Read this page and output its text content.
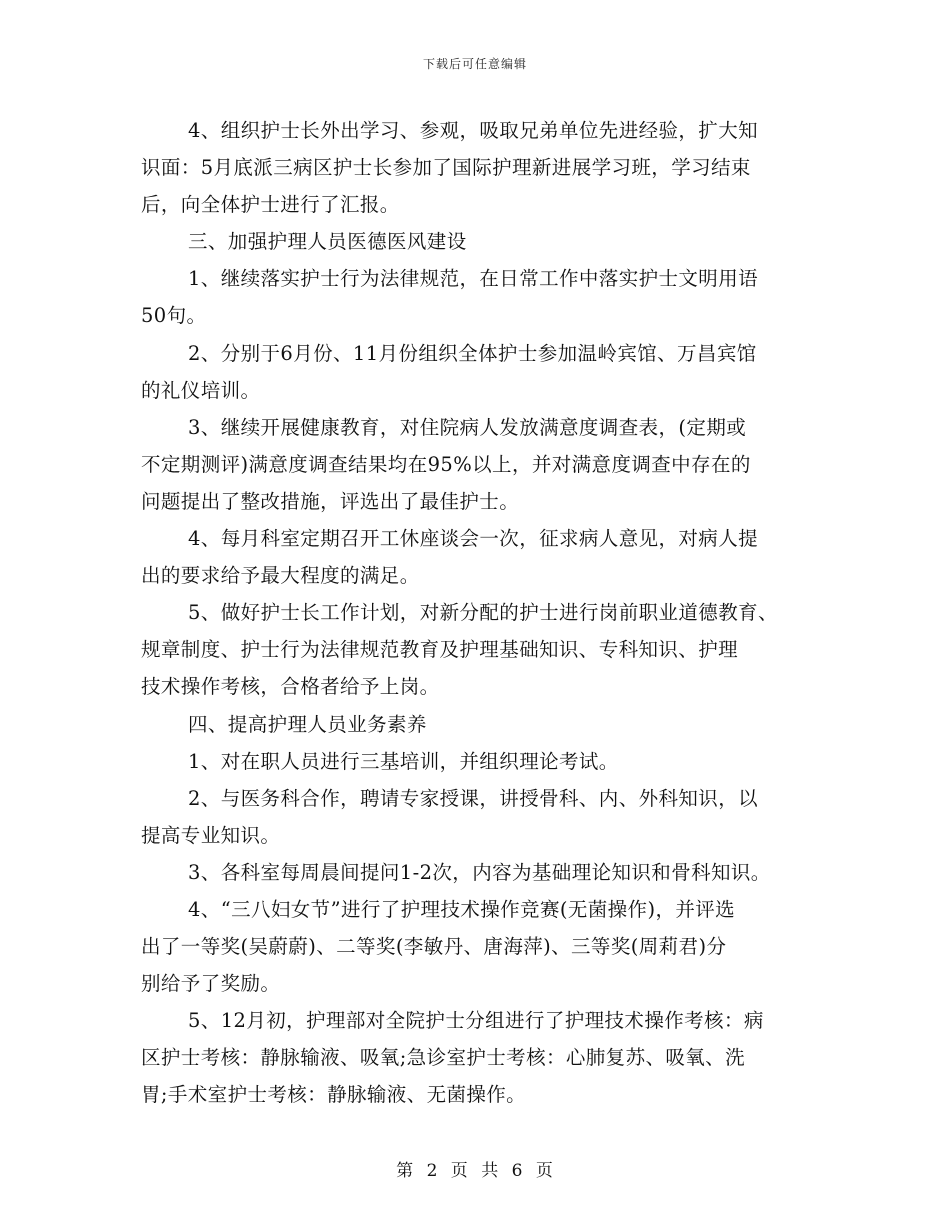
下载后可任意编辑
4、组织护士长外出学习、参观，吸取兄弟单位先进经验，扩大知
识面：5月底派三病区护士长参加了国际护理新进展学习班，学习结束
后，向全体护士进行了汇报。
三、加强护理人员医德医风建设
1、继续落实护士行为法律规范，在日常工作中落实护士文明用语
50句。
2、分别于6月份、11月份组织全体护士参加温岭宾馆、万昌宾馆
的礼仪培训。
3、继续开展健康教育，对住院病人发放满意度调查表，(定期或
不定期测评)满意度调查结果均在95%以上，并对满意度调查中存在的
问题提出了整改措施，评选出了最佳护士。
4、每月科室定期召开工休座谈会一次，征求病人意见，对病人提
出的要求给予最大程度的满足。
5、做好护士长工作计划，对新分配的护士进行岗前职业道德教育、
规章制度、护士行为法律规范教育及护理基础知识、专科知识、护理
技术操作考核，合格者给予上岗。
四、提高护理人员业务素养
1、对在职人员进行三基培训，并组织理论考试。
2、与医务科合作，聘请专家授课，讲授骨科、内、外科知识，以
提高专业知识。
3、各科室每周晨间提问1-2次，内容为基础理论知识和骨科知识。
4、“三八妇女节”进行了护理技术操作竞赛(无菌操作)，并评选
出了一等奖(吴蔚蔚)、二等奖(李敏丹、唐海萍)、三等奖(周莉君)分
别给予了奖励。
5、12月初，护理部对全院护士分组进行了护理技术操作考核：病
区护士考核：静脉输液、吸氧;急诊室护士考核：心肺复苏、吸氧、洗
胃;手术室护士考核：静脉输液、无菌操作。
第 2 页 共 6 页
